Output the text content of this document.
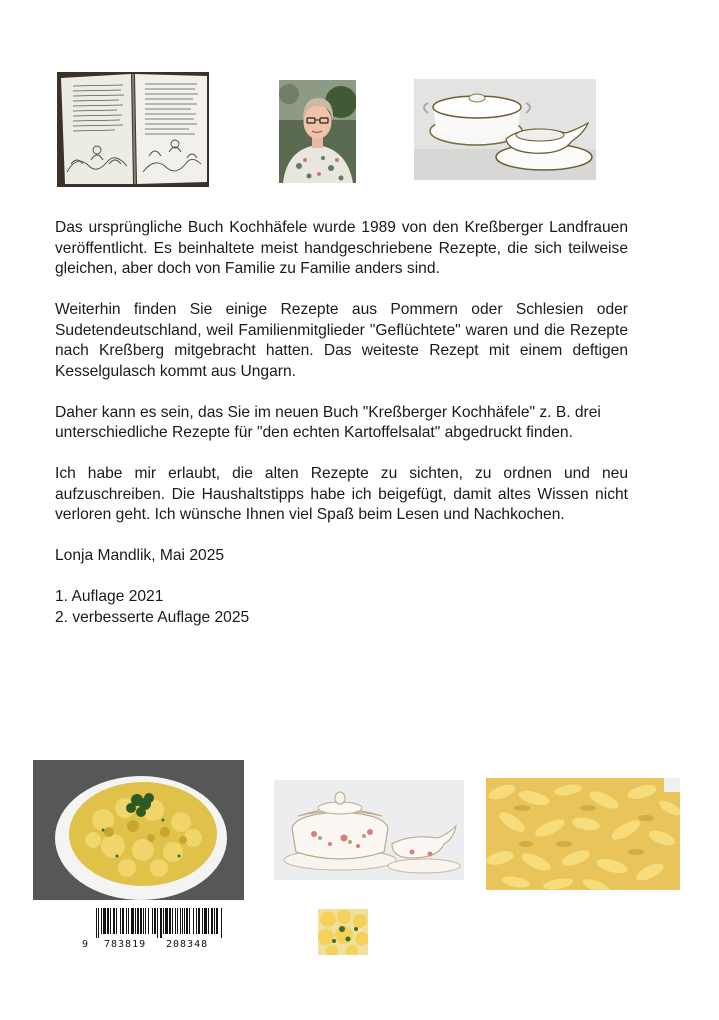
Das ursprüngliche Buch Kochhäfele wurde 1989 von den Kreßberger Landfrauen veröffentlicht. Es beinhaltete meist handgeschriebene Rezepte, die sich teilweise gleichen, aber doch von Familie zu Familie anders sind.

Weiterhin finden Sie einige Rezepte aus Pommern oder Schlesien oder Sudetendeutschland, weil Familienmitglieder "Geflüchtete" waren und die Rezepte nach Kreßberg mitgebracht hatten. Das weiteste Rezept mit einem deftigen Kesselgulasch kommt aus Ungarn.

Daher kann es sein, das Sie im neuen Buch "Kreßberger Kochhäfele" z. B. drei unterschiedliche Rezepte für "den echten Kartoffelsalat" abgedruckt finden.

Ich habe mir erlaubt, die alten Rezepte zu sichten, zu ordnen und neu aufzuschreiben. Die Haushaltstipps habe ich beigefügt, damit altes Wissen nicht verloren geht. Ich wünsche Ihnen viel Spaß beim Lesen und Nachkochen.

Lonja Mandlik, Mai 2025

1. Auflage 2021

2. verbesserte Auflage 2025

9 783819 208348
